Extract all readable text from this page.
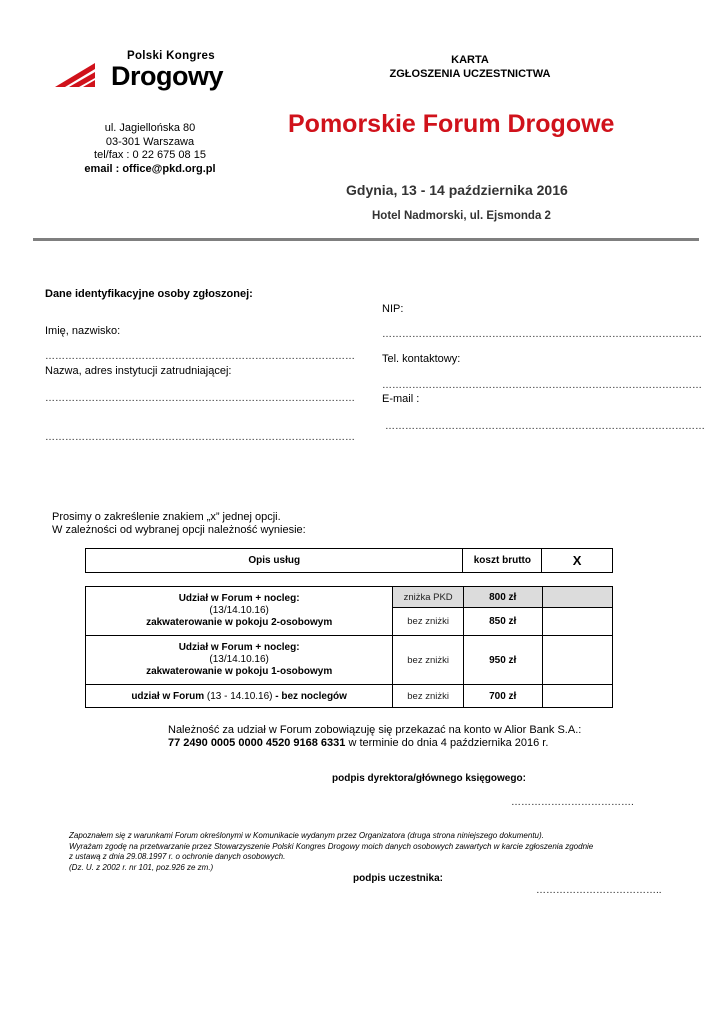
Polski Kongres
Drogowy
KARTA
ZGŁOSZENIA UCZESTNICTWA
ul. Jagiellońska 80
03-301 Warszawa
tel/fax : 0 22 675 08 15
email : office@pkd.org.pl
Pomorskie Forum Drogowe
Gdynia, 13 - 14 października 2016
Hotel Nadmorski, ul. Ejsmonda 2
Dane identyfikacyjne osoby zgłoszonej:
Imię, nazwisko:
…………………………………………………………………………………
Nazwa, adres instytucji zatrudniającej:
…………………………………………………………………………………
…………………………………………………………………………………
NIP:
……………………………………………………………………………………
Tel. kontaktowy:
……………………………………………………………………………………
E-mail :
……………………………………………………………………………………
Prosimy o zakreślenie znakiem „x” jednej opcji.
W zależności od wybranej opcji należność wyniesie:
Opis usług	koszt brutto	X
Udział w Forum + nocleg:
(13/14.10.16)
zakwaterowanie w pokoju 2-osobowym	zniżka PKD	800 zł	
	bez zniżki	850 zł	
Udział w Forum + nocleg:
(13/14.10.16)
zakwaterowanie w pokoju 1-osobowym	bez zniżki	950 zł	
udział w Forum (13 - 14.10.16) - bez noclegów	bez zniżki	700 zł	
Należność za udział w Forum zobowiązuję się przekazać na konto w Alior Bank S.A.:
77 2490 0005 0000 4520 9168 6331 w terminie do dnia 4 października 2016 r.
podpis dyrektora/głównego księgowego:
……………………………….
Zapoznałem się z warunkami Forum określonymi w Komunikacie wydanym przez Organizatora (druga strona niniejszego dokumentu).
Wyrażam zgodę na przetwarzanie przez Stowarzyszenie Polski Kongres Drogowy moich danych osobowych zawartych w karcie zgłoszenia zgodnie
z ustawą z dnia 29.08.1997 r. o ochronie danych osobowych.
(Dz. U. z 2002 r. nr 101, poz.926 ze zm.)
podpis uczestnika:
………………………………..
